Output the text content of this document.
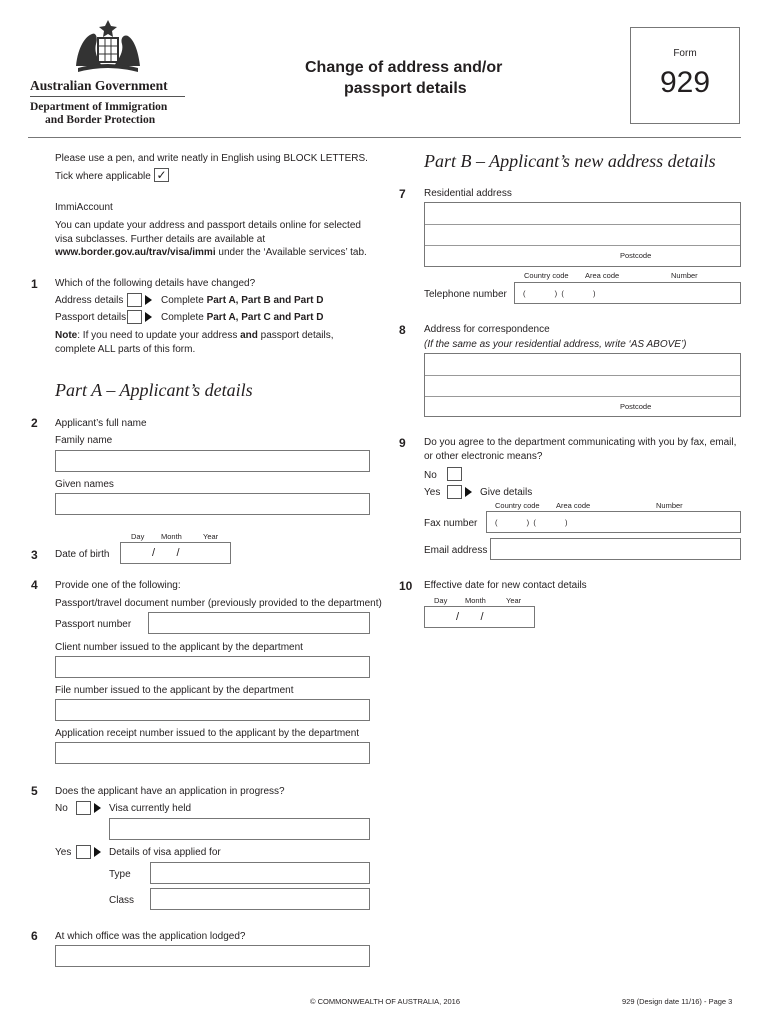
Australian Government
Department of Immigration
and Border Protection
Change of address and/or
passport details
Form
929
Please use a pen, and write neatly in English using BLOCK LETTERS.
Tick where applicable ✓
ImmiAccount
You can update your address and passport details online for selected
visa subclasses. Further details are available at
www.border.gov.au/trav/visa/immi under the ‘Available services’ tab.
1 Which of the following details have changed?
Address details	Complete Part A, Part B and Part D
Passport details	Complete Part A, Part C and Part D
Note: If you need to update your address and passport details,
complete ALL parts of this form.
Part A – Applicant’s details
2 Applicant’s full name
Family name
Given names
Day Month	Year
3 Date of birth	/       /
4 Provide one of the following:
Passport/travel document number (previously provided to the department)
Passport number
Client number issued to the applicant by the department
File number issued to the applicant by the department
Application receipt number issued to the applicant by the department
5 Does the applicant have an application in progress?
No	Visa currently held
Yes	Details of visa applied for
Type
Class
6 At which office was the application lodged?
Part B – Applicant’s new address details
7 Residential address
Postcode
Country code Area code	Number
Telephone number (              )  (              )
8 Address for correspondence
(If the same as your residential address, write ‘AS ABOVE’)
Postcode
9 Do you agree to the department communicating with you by fax, email,
or other electronic means?
No
Yes	Give details
Country code Area code	Number
Fax number (              )  (              )
Email address
10 Effective date for new contact details
Day Month	Year
/       /
© COMMONWEALTH OF AUSTRALIA, 2016	929 (Design date 11/16) - Page 3
